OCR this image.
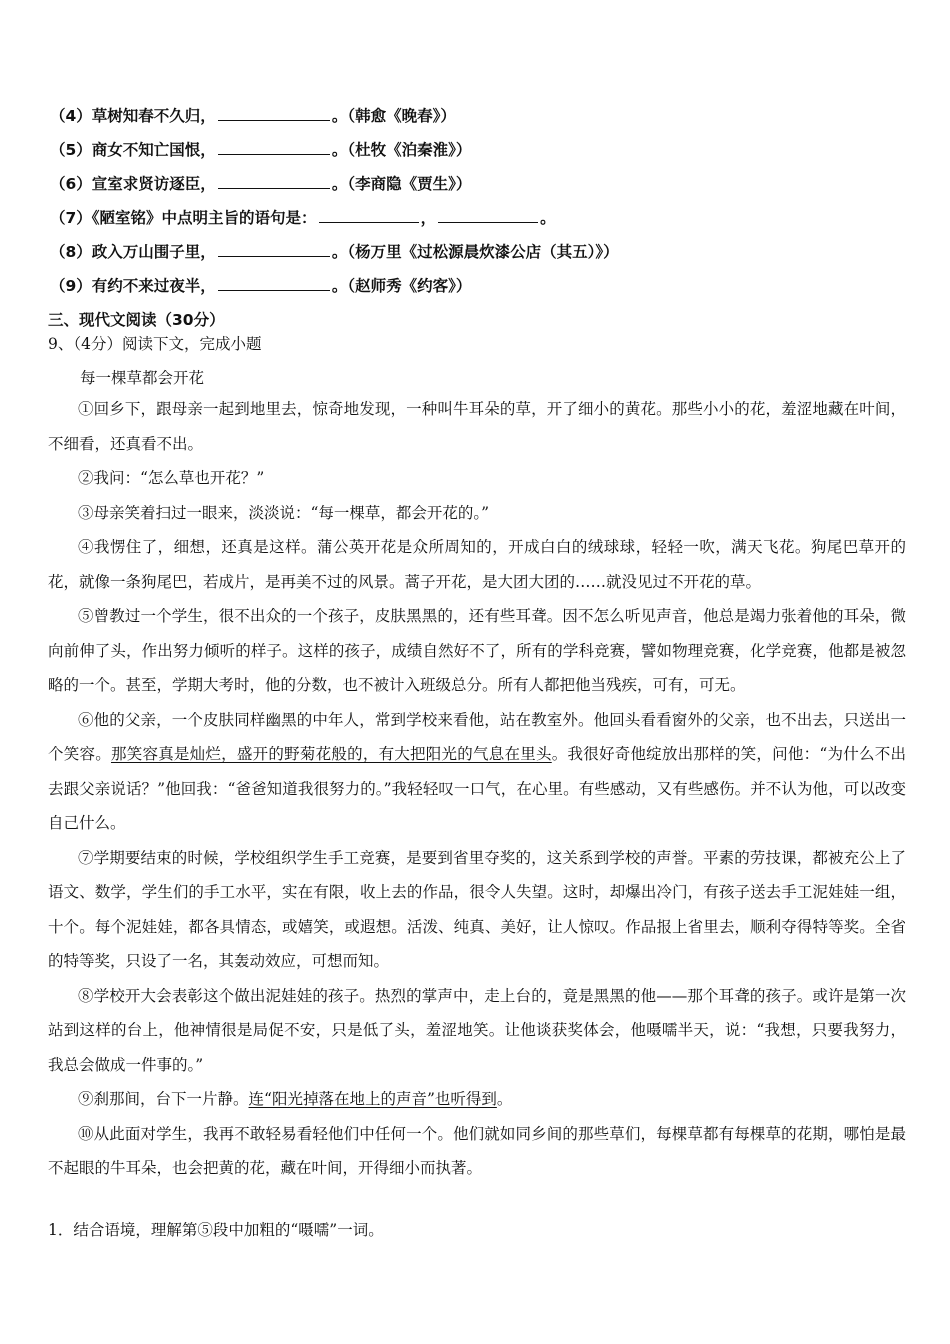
（4）草树知春不久归，	。（韩愈《晚春》）
（5）商女不知亡国恨，	。（杜牧《泊秦淮》）
（6）宣室求贤访逐臣，	。（李商隐《贾生》）
（7）《陋室铭》中点明主旨的语句是：	，	。
（8）政入万山围子里，	。（杨万里《过松源晨炊漆公店（其五）》）
（9）有约不来过夜半，	。（赵师秀《约客》）
三、现代文阅读（30分）
9、（4分）阅读下文，完成小题
每一棵草都会开花

①回乡下，跟母亲一起到地里去，惊奇地发现，一种叫牛耳朵的草，开了细小的黄花。那些小小的花，羞涩地藏在叶间，不细看，还真看不出。

②我问：“怎么草也开花？”

③母亲笑着扫过一眼来，淡淡说：“每一棵草，都会开花的。”

④我愣住了，细想，还真是这样。蒲公英开花是众所周知的，开成白白的绒球球，轻轻一吹，满天飞花。狗尾巴草开的花，就像一条狗尾巴，若成片，是再美不过的风景。蒿子开花，是大团大团的……就没见过不开花的草。

⑤曾教过一个学生，很不出众的一个孩子，皮肤黑黑的，还有些耳聋。因不怎么听见声音，他总是竭力张着他的耳朵，微向前伸了头，作出努力倾听的样子。这样的孩子，成绩自然好不了，所有的学科竞赛，譬如物理竞赛，化学竞赛，他都是被忽略的一个。甚至，学期大考时，他的分数，也不被计入班级总分。所有人都把他当残疾，可有，可无。

⑥他的父亲，一个皮肤同样幽黑的中年人，常到学校来看他，站在教室外。他回头看看窗外的父亲，也不出去，只送出一个笑容。那笑容真是灿烂，盛开的野菊花般的，有大把阳光的气息在里头。我很好奇他绽放出那样的笑，问他：“为什么不出去跟父亲说话？”他回我：“爸爸知道我很努力的。”我轻轻叹一口气，在心里。有些感动，又有些感伤。并不认为他，可以改变自己什么。

⑦学期要结束的时候，学校组织学生手工竞赛，是要到省里夺奖的，这关系到学校的声誉。平素的劳技课，都被充公上了语文、数学，学生们的手工水平，实在有限，收上去的作品，很令人失望。这时，却爆出冷门，有孩子送去手工泥娃娃一组，十个。每个泥娃娃，都各具情态，或嬉笑，或遐想。活泼、纯真、美好，让人惊叹。作品报上省里去，顺利夺得特等奖。全省的特等奖，只设了一名，其轰动效应，可想而知。

⑧学校开大会表彰这个做出泥娃娃的孩子。热烈的掌声中，走上台的，竟是黑黑的他——那个耳聋的孩子。或许是第一次站到这样的台上，他神情很是局促不安，只是低了头，羞涩地笑。让他谈获奖体会，他嗫嚅半天，说：“我想，只要我努力，我总会做成一件事的。”

⑨刹那间，台下一片静。连“阳光掉落在地上的声音”也听得到。

⑩从此面对学生，我再不敢轻易看轻他们中任何一个。他们就如同乡间的那些草们，每棵草都有每棵草的花期，哪怕是最不起眼的牛耳朵，也会把黄的花，藏在叶间，开得细小而执著。

1．结合语境，理解第⑤段中加粗的“嗫嚅”一词。
